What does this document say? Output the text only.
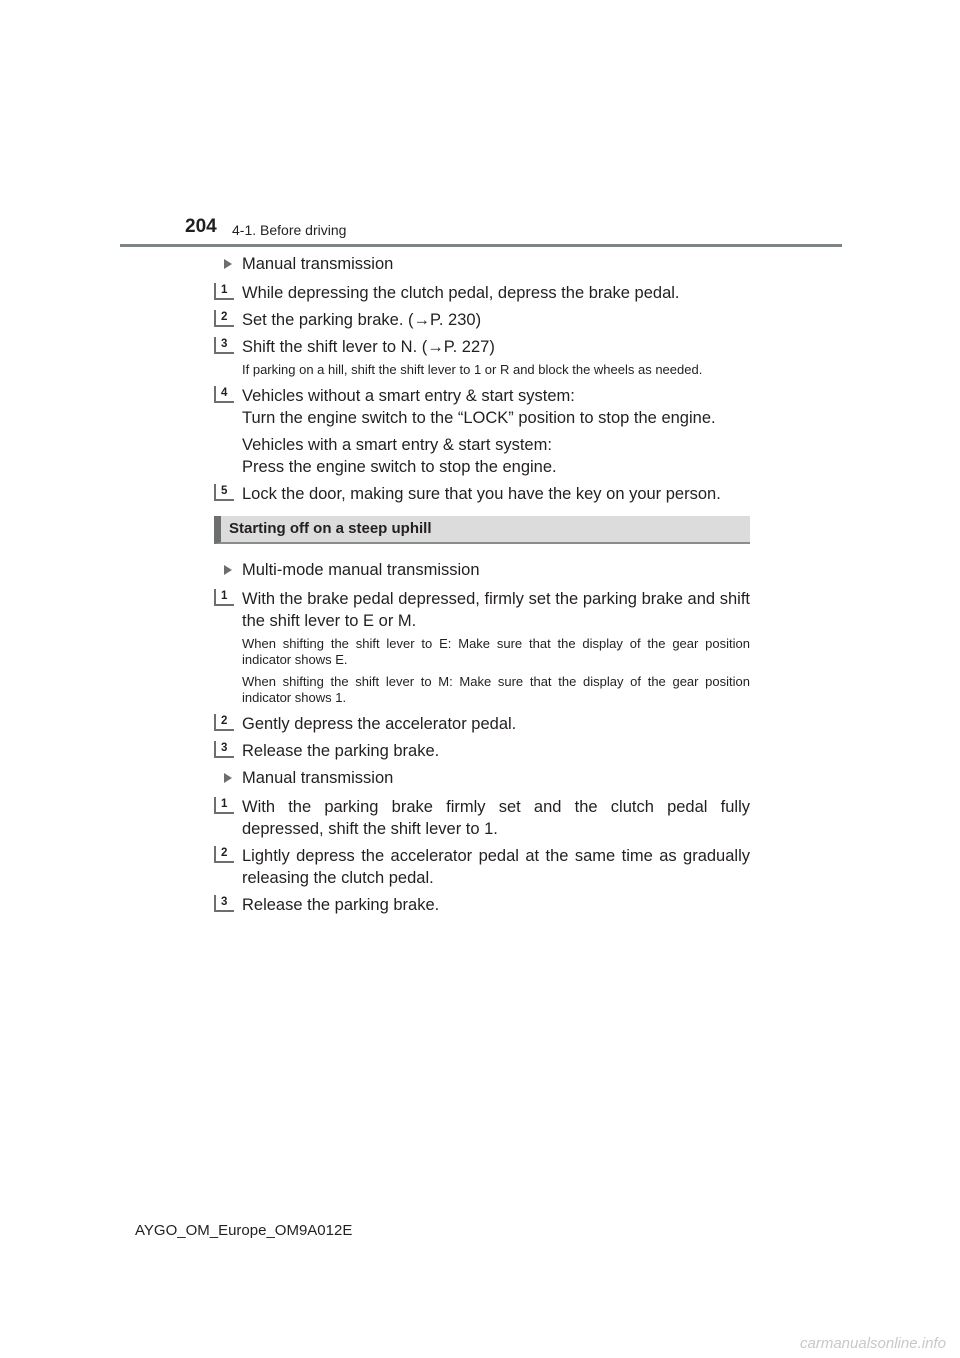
204 4-1. Before driving
Manual transmission
1 While depressing the clutch pedal, depress the brake pedal.
2 Set the parking brake. (→P. 230)
3 Shift the shift lever to N. (→P. 227)
If parking on a hill, shift the shift lever to 1 or R and block the wheels as needed.
4 Vehicles without a smart entry & start system:
Turn the engine switch to the “LOCK” position to stop the engine.
Vehicles with a smart entry & start system:
Press the engine switch to stop the engine.
5 Lock the door, making sure that you have the key on your person.
Starting off on a steep uphill
Multi-mode manual transmission
1 With the brake pedal depressed, firmly set the parking brake and shift the shift lever to E or M.
When shifting the shift lever to E: Make sure that the display of the gear position indicator shows E.
When shifting the shift lever to M: Make sure that the display of the gear position indicator shows 1.
2 Gently depress the accelerator pedal.
3 Release the parking brake.
Manual transmission
1 With the parking brake firmly set and the clutch pedal fully depressed, shift the shift lever to 1.
2 Lightly depress the accelerator pedal at the same time as gradually releasing the clutch pedal.
3 Release the parking brake.
AYGO_OM_Europe_OM9A012E
carmanualsonline.info
